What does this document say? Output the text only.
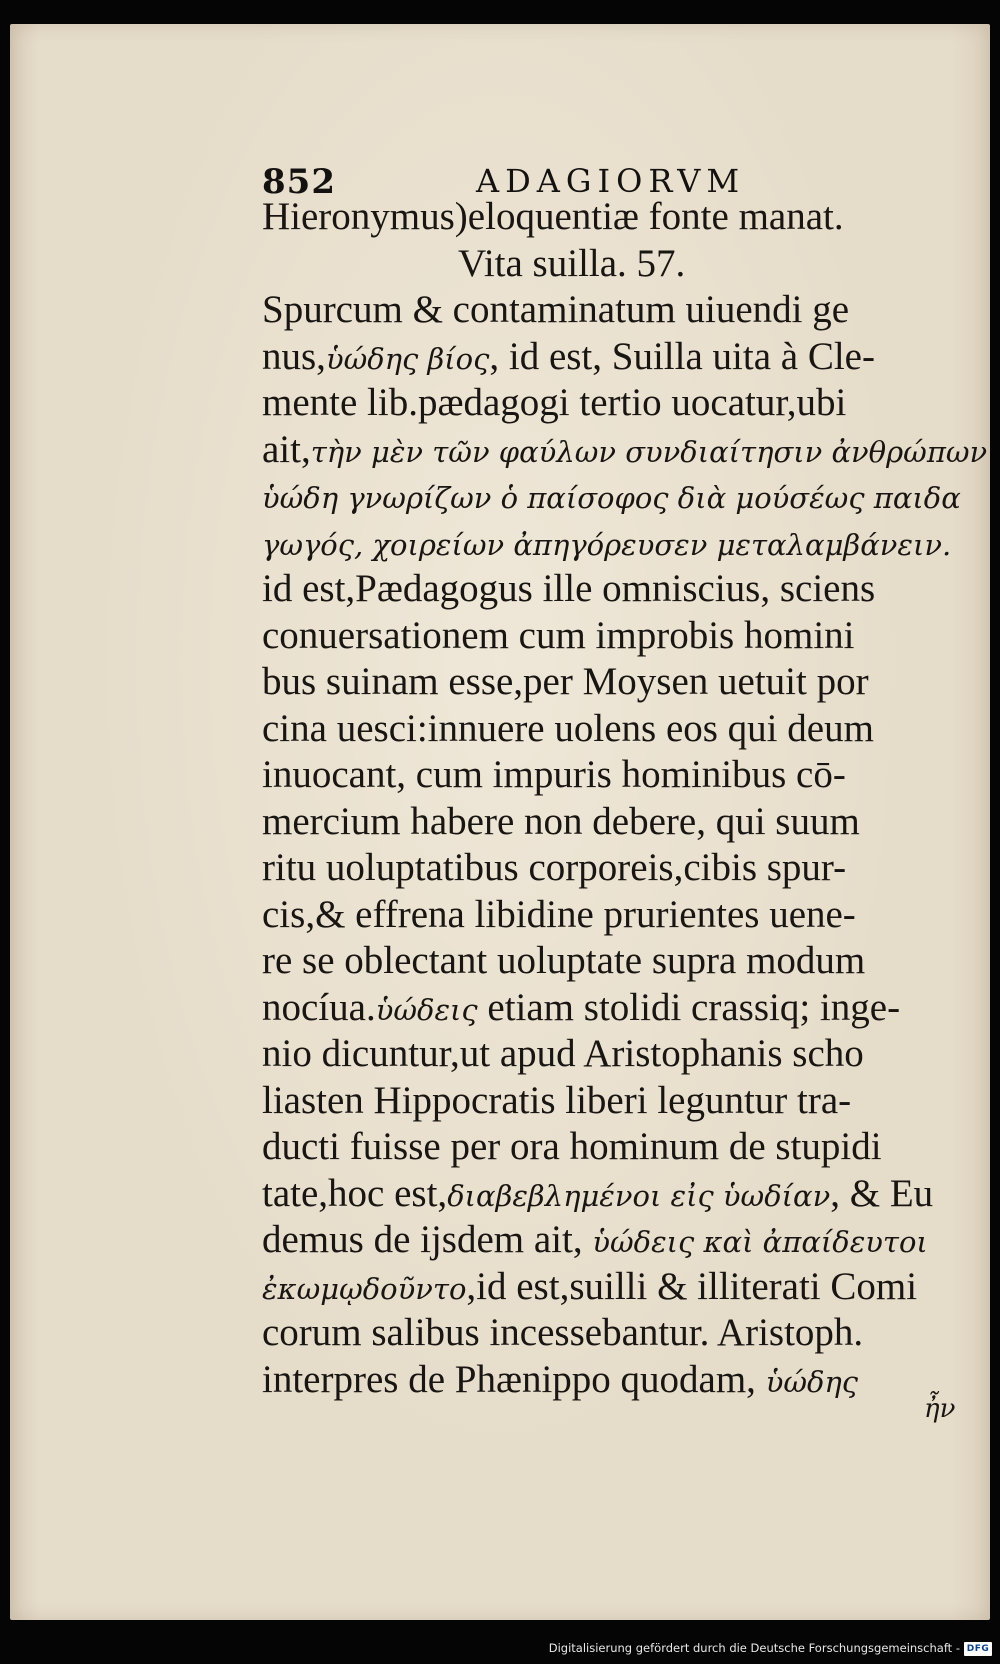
852	ADAGIORVM
Hieronymus)eloquentiæ fonte manat.
Vita suilla. 57.
Spurcum & contaminatum uiuendi ge
nus,ὑώδης βίος, id est, Suilla uita à Cle-
mente lib.pædagogi tertio uocatur,ubi
ait,τὴν μὲν τῶν φαύλων συνδιαίτησιν ἀνθρώπων
ὑώδη γνωρίζων ὁ παίσοφος διὰ μούσέως παιδα
γωγός, χοιρείων ἀπηγόρευσεν μεταλαμβάνειν.
id est,Pædagogus ille omniscius, sciens
conuersationem cum improbis homini
bus suinam esse,per Moysen uetuit por
cina uesci:innuere uolens eos qui deum
inuocant, cum impuris hominibus cō-
mercium habere non debere, qui suum
ritu uoluptatibus corporeis,cibis spur-
cis,& effrena libidine prurientes uene-
re se oblectant uoluptate supra modum
nocíua.ὑώδεις etiam stolidi crassiq; inge-
nio dicuntur,ut apud Aristophanis scho
liasten Hippocratis liberi leguntur tra-
ducti fuisse per ora hominum de stupidi
tate,hoc est,διαβεβλημένοι εἰς ὑωδίαν, & Eu
demus de ijsdem ait, ὑώδεις καὶ ἀπαίδευτοι
ἐκωμῳδοῦντο,id est,suilli & illiterati Comi
corum salibus incessebantur. Aristoph.
interpres de Phænippo quodam, ὑώδης
ἦν
Digitalisierung gefördert durch die Deutsche Forschungsgemeinschaft - DFG
